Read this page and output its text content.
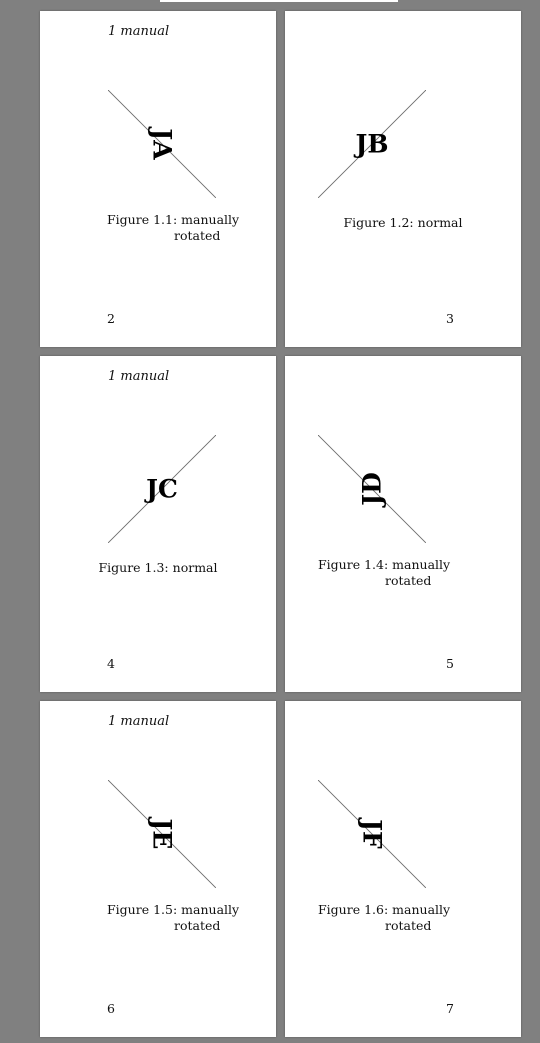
1 manual
JA
Figure 1.1: manually
rotated
2
JB
Figure 1.2: normal
3
1 manual
JC
Figure 1.3: normal
4
JD
Figure 1.4: manually
rotated
5
1 manual
JE
Figure 1.5: manually
rotated
6
JF
Figure 1.6: manually
rotated
7
